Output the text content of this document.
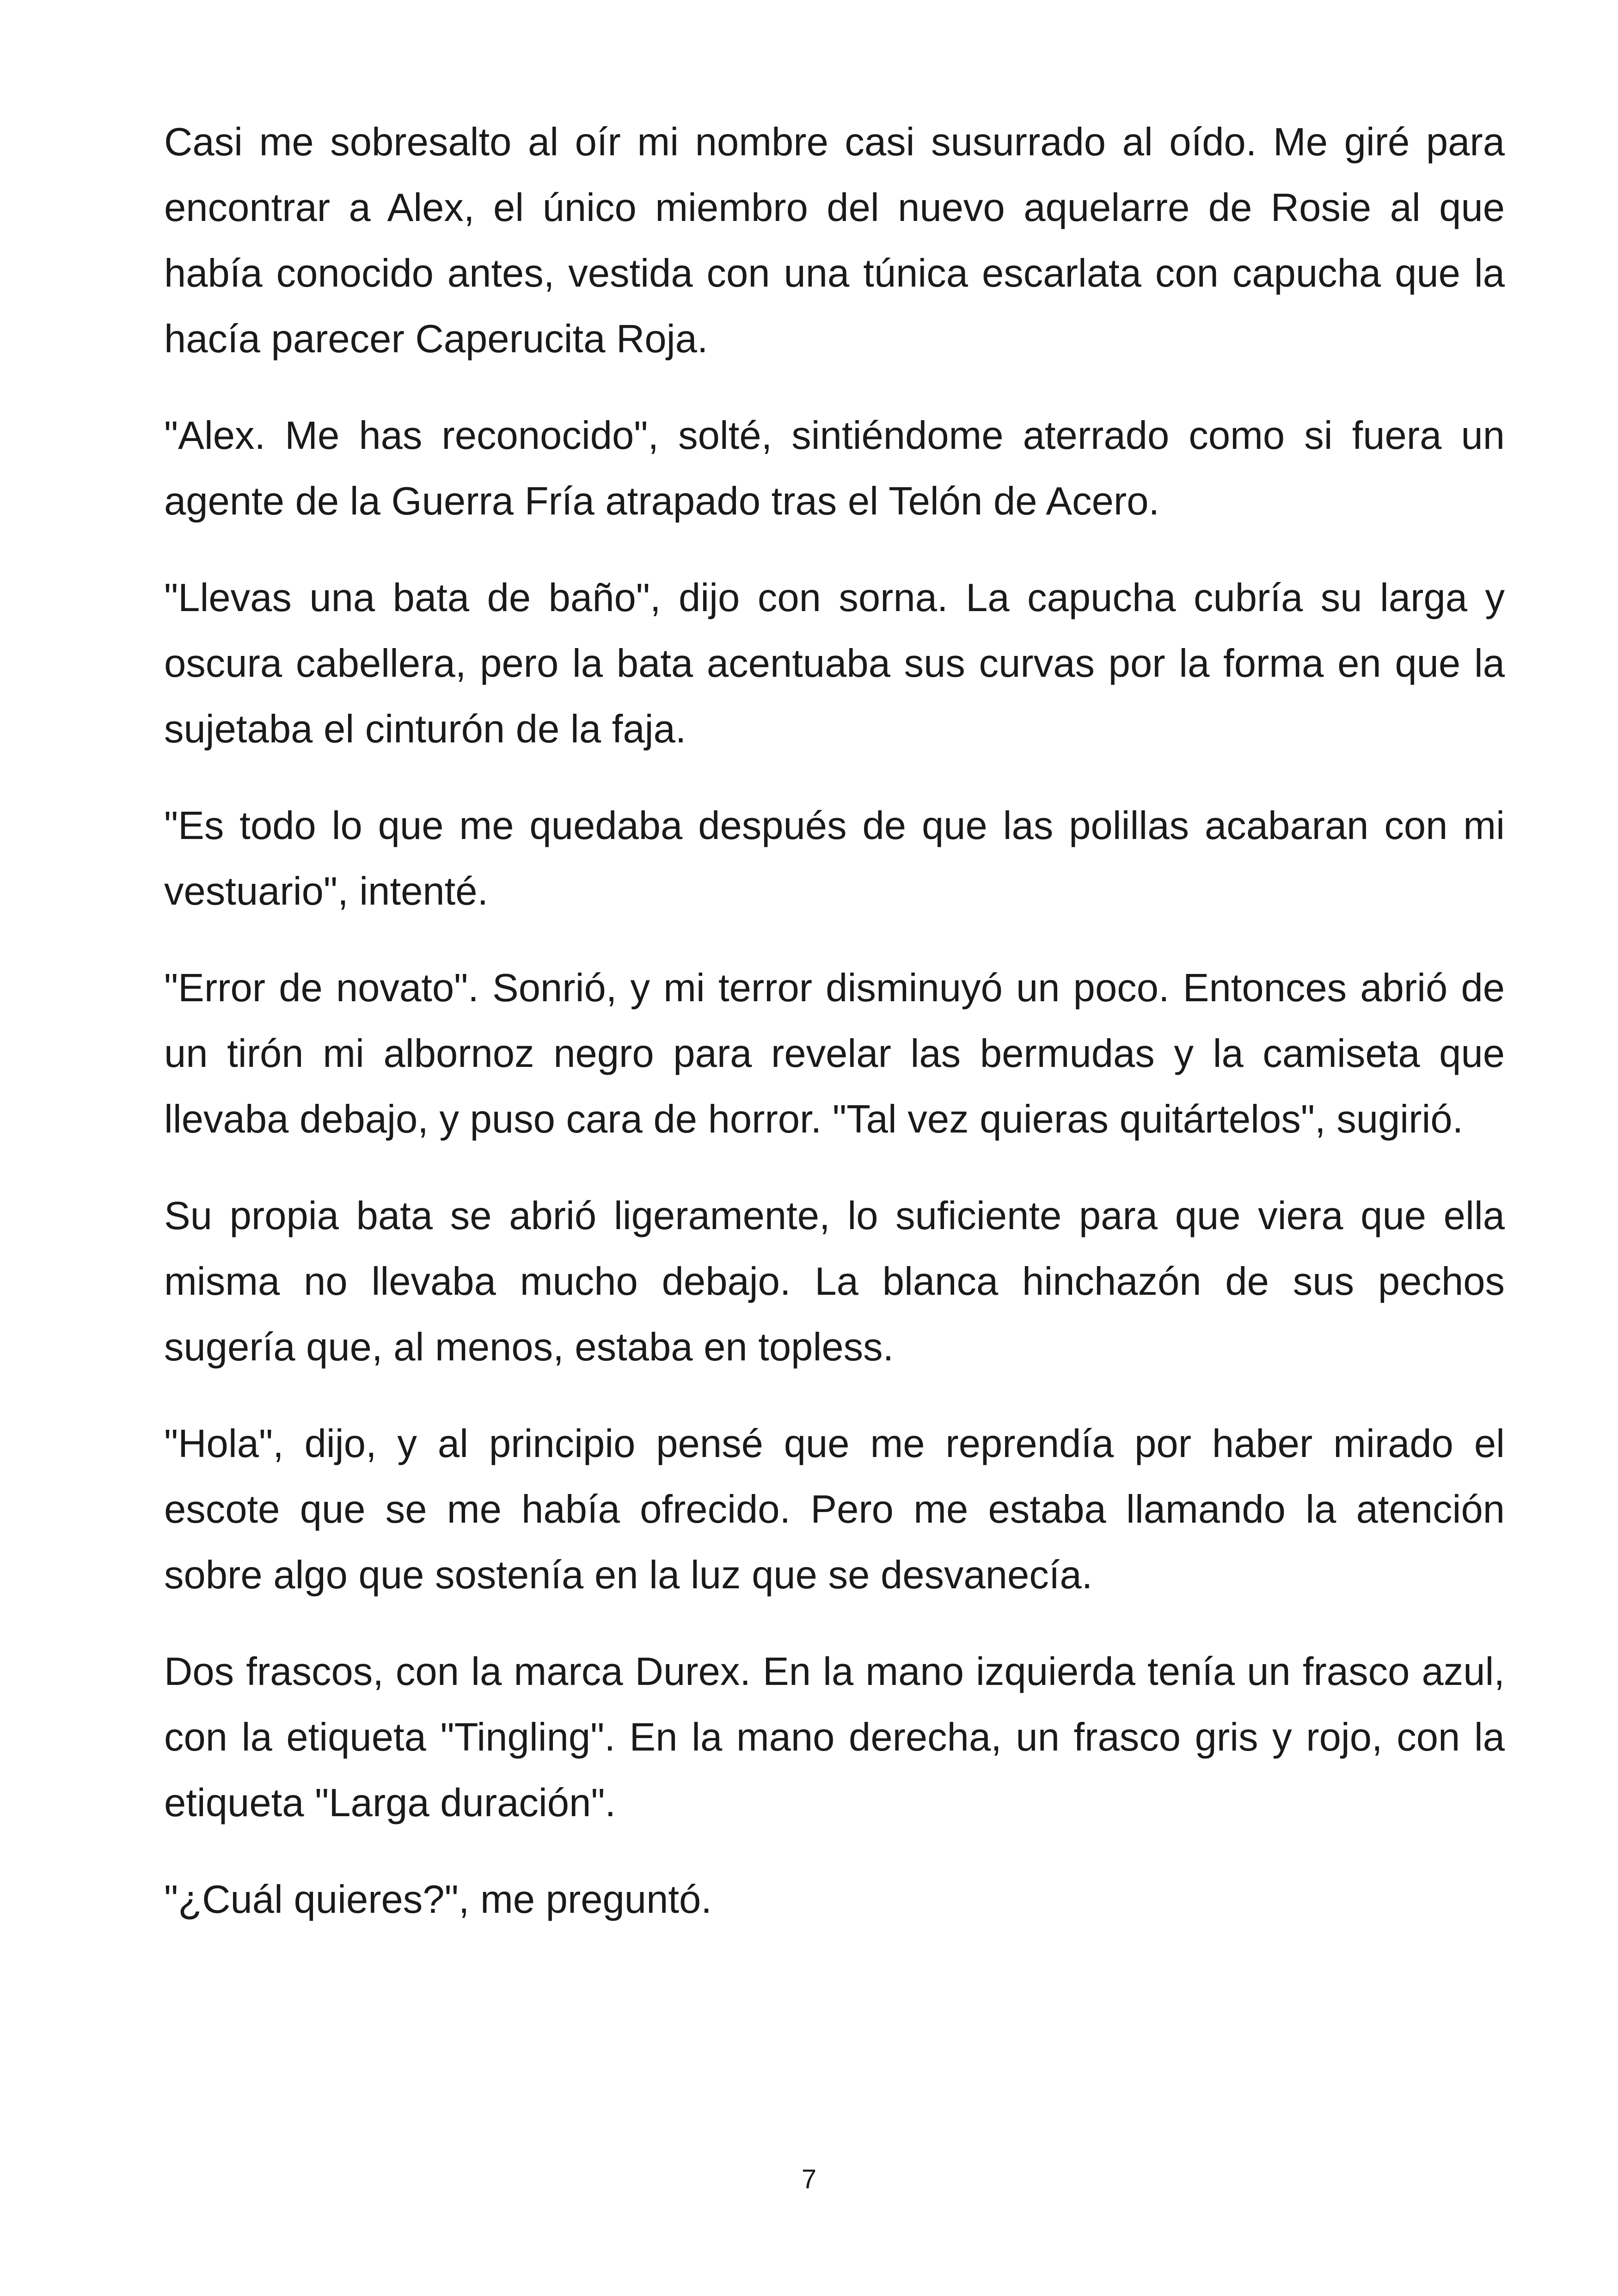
Casi me sobresalto al oír mi nombre casi susurrado al oído. Me giré para encontrar a Alex, el único miembro del nuevo aquelarre de Rosie al que había conocido antes, vestida con una túnica escarlata con capucha que la hacía parecer Caperucita Roja.

"Alex. Me has reconocido", solté, sintiéndome aterrado como si fuera un agente de la Guerra Fría atrapado tras el Telón de Acero.

"Llevas una bata de baño", dijo con sorna. La capucha cubría su larga y oscura cabellera, pero la bata acentuaba sus curvas por la forma en que la sujetaba el cinturón de la faja.

"Es todo lo que me quedaba después de que las polillas acabaran con mi vestuario", intenté.

"Error de novato". Sonrió, y mi terror disminuyó un poco. Entonces abrió de un tirón mi albornoz negro para revelar las bermudas y la camiseta que llevaba debajo, y puso cara de horror. "Tal vez quieras quitártelos", sugirió.

Su propia bata se abrió ligeramente, lo suficiente para que viera que ella misma no llevaba mucho debajo. La blanca hinchazón de sus pechos sugería que, al menos, estaba en topless.

"Hola", dijo, y al principio pensé que me reprendía por haber mirado el escote que se me había ofrecido. Pero me estaba llamando la atención sobre algo que sostenía en la luz que se desvanecía.

Dos frascos, con la marca Durex. En la mano izquierda tenía un frasco azul, con la etiqueta "Tingling". En la mano derecha, un frasco gris y rojo, con la etiqueta "Larga duración".

"¿Cuál quieres?", me preguntó.

7
